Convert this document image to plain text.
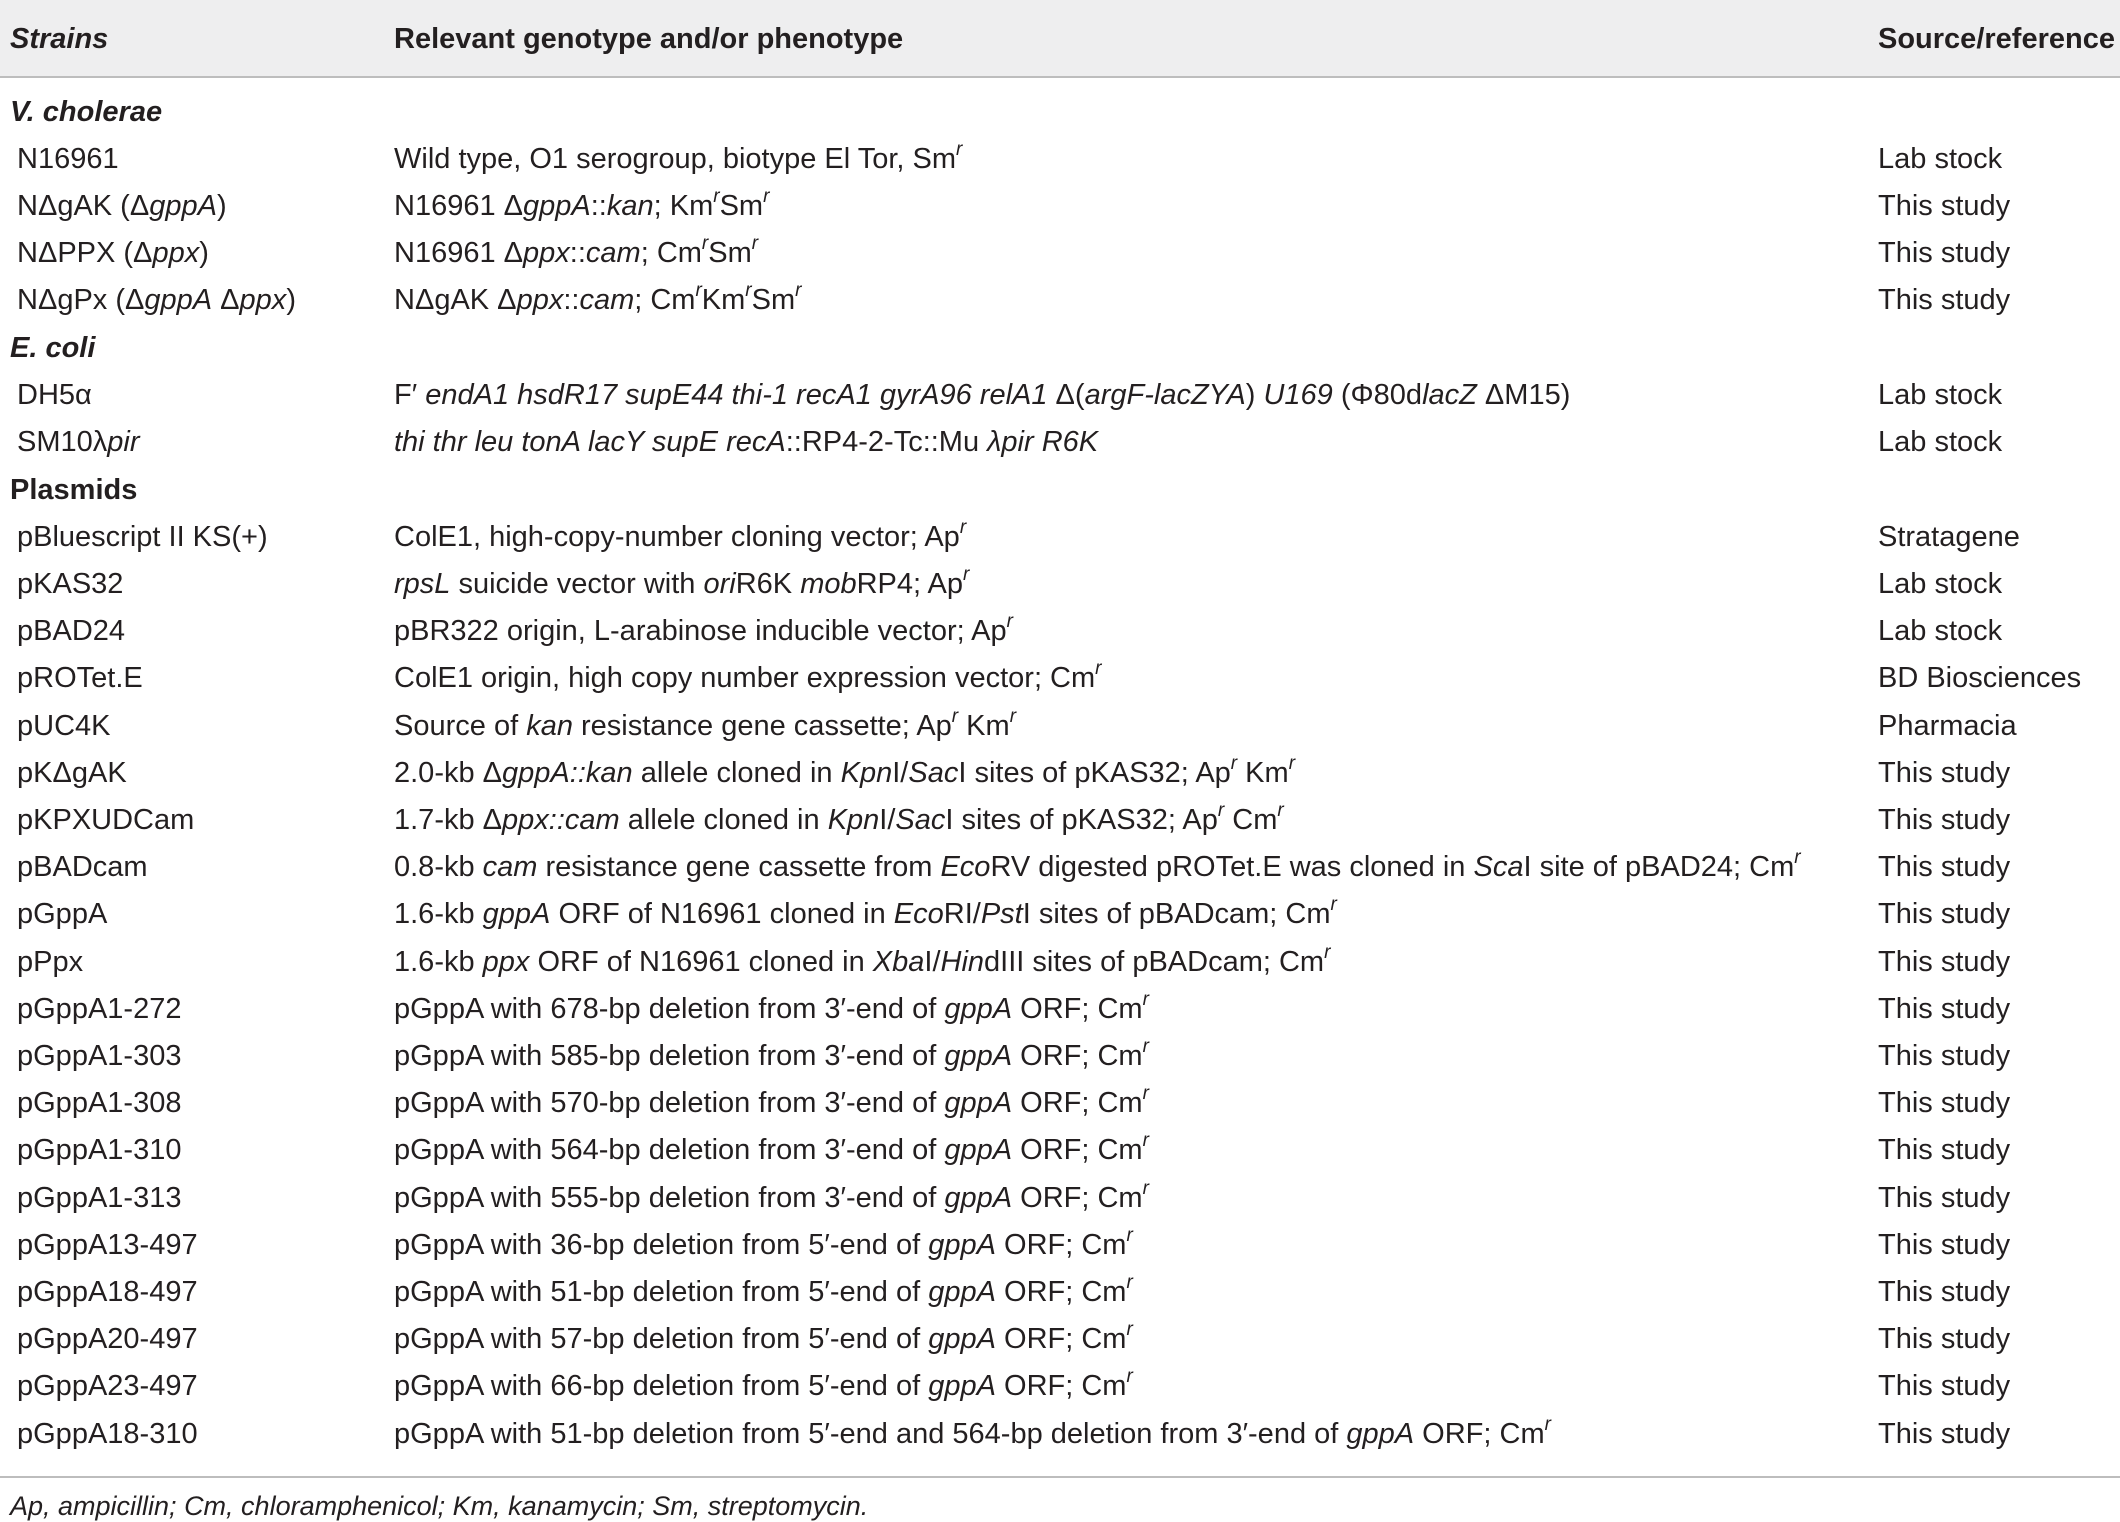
Strains	Relevant genotype and/or phenotype	Source/reference
V. cholerae
N16961	Wild type, O1 serogroup, biotype El Tor, Sm$^r$	Lab stock
NΔgAK (ΔgppA)	N16961 ΔgppA::kan; Km$^r$Sm$^r$	This study
NΔPPX (Δppx)	N16961 Δppx::cam; Cm$^r$Sm$^r$	This study
NΔgPx (ΔgppA Δppx)	NΔgAK Δppx::cam; Cm$^r$Km$^r$Sm$^r$	This study
E. coli
DH5α	F′ endA1 hsdR17 supE44 thi-1 recA1 gyrA96 relA1 Δ(argF-lacZYA) U169 (Φ80dlacZ ΔM15)	Lab stock
SM10λpir	thi thr leu tonA lacY supE recA::RP4-2-Tc::Mu λpir R6K	Lab stock
Plasmids
pBluescript II KS(+)	ColE1, high-copy-number cloning vector; Ap$^r$	Stratagene
pKAS32	rpsL suicide vector with oriR6K mobRP4; Ap$^r$	Lab stock
pBAD24	pBR322 origin, L-arabinose inducible vector; Ap$^r$	Lab stock
pROTet.E	ColE1 origin, high copy number expression vector; Cm$^r$	BD Biosciences
pUC4K	Source of kan resistance gene cassette; Ap$^r$ Km$^r$	Pharmacia
pKΔgAK	2.0-kb ΔgppA::kan allele cloned in KpnI/SacI sites of pKAS32; Ap$^r$ Km$^r$	This study
pKPXUDCam	1.7-kb Δppx::cam allele cloned in KpnI/SacI sites of pKAS32; Ap$^r$ Cm$^r$	This study
pBADcam	0.8-kb cam resistance gene cassette from EcoRV digested pROTet.E was cloned in ScaI site of pBAD24; Cm$^r$	This study
pGppA	1.6-kb gppA ORF of N16961 cloned in EcoRI/PstI sites of pBADcam; Cm$^r$	This study
pPpx	1.6-kb ppx ORF of N16961 cloned in XbaI/HindIII sites of pBADcam; Cm$^r$	This study
pGppA1-272	pGppA with 678-bp deletion from 3′-end of gppA ORF; Cm$^r$	This study
pGppA1-303	pGppA with 585-bp deletion from 3′-end of gppA ORF; Cm$^r$	This study
pGppA1-308	pGppA with 570-bp deletion from 3′-end of gppA ORF; Cm$^r$	This study
pGppA1-310	pGppA with 564-bp deletion from 3′-end of gppA ORF; Cm$^r$	This study
pGppA1-313	pGppA with 555-bp deletion from 3′-end of gppA ORF; Cm$^r$	This study
pGppA13-497	pGppA with 36-bp deletion from 5′-end of gppA ORF; Cm$^r$	This study
pGppA18-497	pGppA with 51-bp deletion from 5′-end of gppA ORF; Cm$^r$	This study
pGppA20-497	pGppA with 57-bp deletion from 5′-end of gppA ORF; Cm$^r$	This study
pGppA23-497	pGppA with 66-bp deletion from 5′-end of gppA ORF; Cm$^r$	This study
pGppA18-310	pGppA with 51-bp deletion from 5′-end and 564-bp deletion from 3′-end of gppA ORF; Cm$^r$	This study
Ap, ampicillin; Cm, chloramphenicol; Km, kanamycin; Sm, streptomycin.
